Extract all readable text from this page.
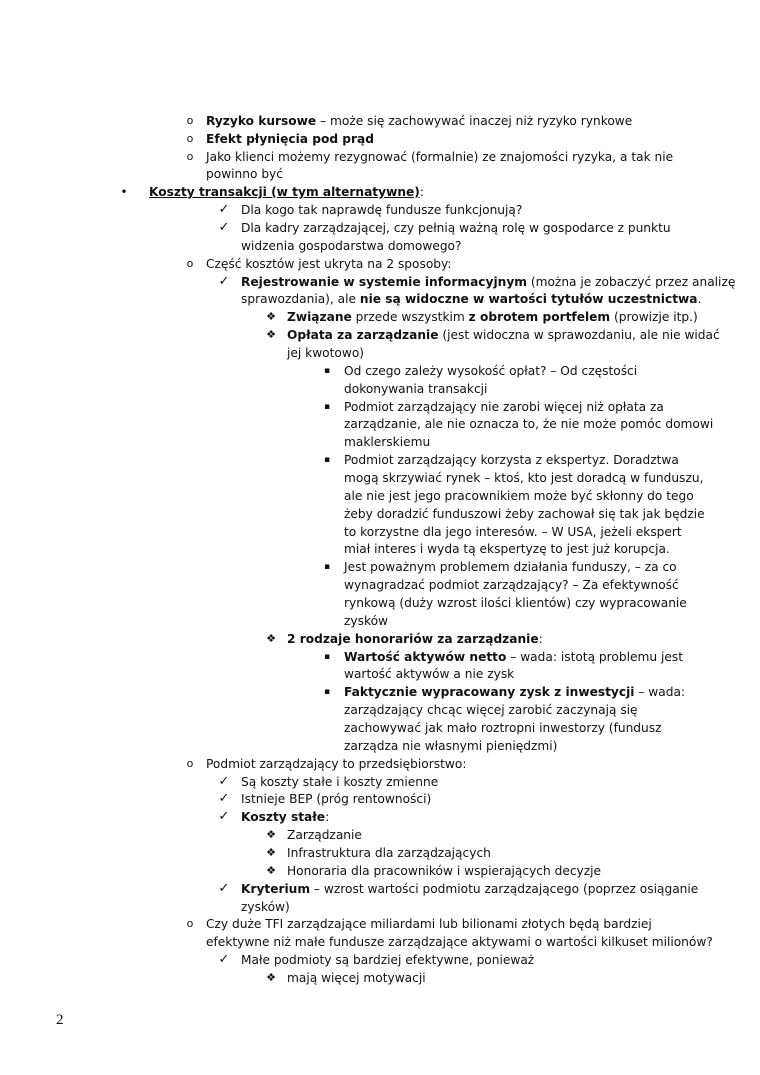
o Ryzyko kursowe – może się zachowywać inaczej niż ryzyko rynkowe
o Efekt płynięcia pod prąd
o Jako klienci możemy rezygnować (formalnie) ze znajomości ryzyka, a tak nie
powinno być
• Koszty transakcji (w tym alternatywne):
✓ Dla kogo tak naprawdę fundusze funkcjonują?
✓ Dla kadry zarządzającej, czy pełnią ważną rolę w gospodarce z punktu
widzenia gospodarstwa domowego?
o Część kosztów jest ukryta na 2 sposoby:
✓ Rejestrowanie w systemie informacyjnym (można je zobaczyć przez analizę
sprawozdania), ale nie są widoczne w wartości tytułów uczestnictwa.
❖ Związane przede wszystkim z obrotem portfelem (prowizje itp.)
❖ Opłata za zarządzanie (jest widoczna w sprawozdaniu, ale nie widać
jej kwotowo)
▪	Od czego zależy wysokość opłat? – Od częstości
dokonywania transakcji
▪	Podmiot zarządzający nie zarobi więcej niż opłata za
zarządzanie, ale nie oznacza to, że nie może pomóc domowi
maklerskiemu
▪	Podmiot zarządzający korzysta z ekspertyz. Doradztwa
mogą skrzywiać rynek – ktoś, kto jest doradcą w funduszu,
ale nie jest jego pracownikiem może być skłonny do tego
żeby doradzić funduszowi żeby zachował się tak jak będzie
to korzystne dla jego interesów. – W USA, jeżeli ekspert
miał interes i wyda tą ekspertyzę to jest już korupcja.
▪	Jest poważnym problemem działania funduszy, – za co
wynagradzać podmiot zarządzający? – Za efektywność
rynkową (duży wzrost ilości klientów) czy wypracowanie
zysków
❖ 2 rodzaje honorariów za zarządzanie:
▪	Wartość aktywów netto – wada: istotą problemu jest
wartość aktywów a nie zysk
▪	Faktycznie wypracowany zysk z inwestycji – wada:
zarządzający chcąc więcej zarobić zaczynają się
zachowywać jak mało roztropni inwestorzy (fundusz
zarządza nie własnymi pieniędzmi)
o Podmiot zarządzający to przedsiębiorstwo:
✓ Są koszty stałe i koszty zmienne
✓ Istnieje BEP (próg rentowności)
✓ Koszty stałe:
❖ Zarządzanie
❖ Infrastruktura dla zarządzających
❖ Honoraria dla pracowników i wspierających decyzje
✓ Kryterium – wzrost wartości podmiotu zarządzającego (poprzez osiąganie
zysków)
o Czy duże TFI zarządzające miliardami lub bilionami złotych będą bardziej
efektywne niż małe fundusze zarządzające aktywami o wartości kilkuset milionów?
✓ Małe podmioty są bardziej efektywne, ponieważ
❖ mają więcej motywacji
2
